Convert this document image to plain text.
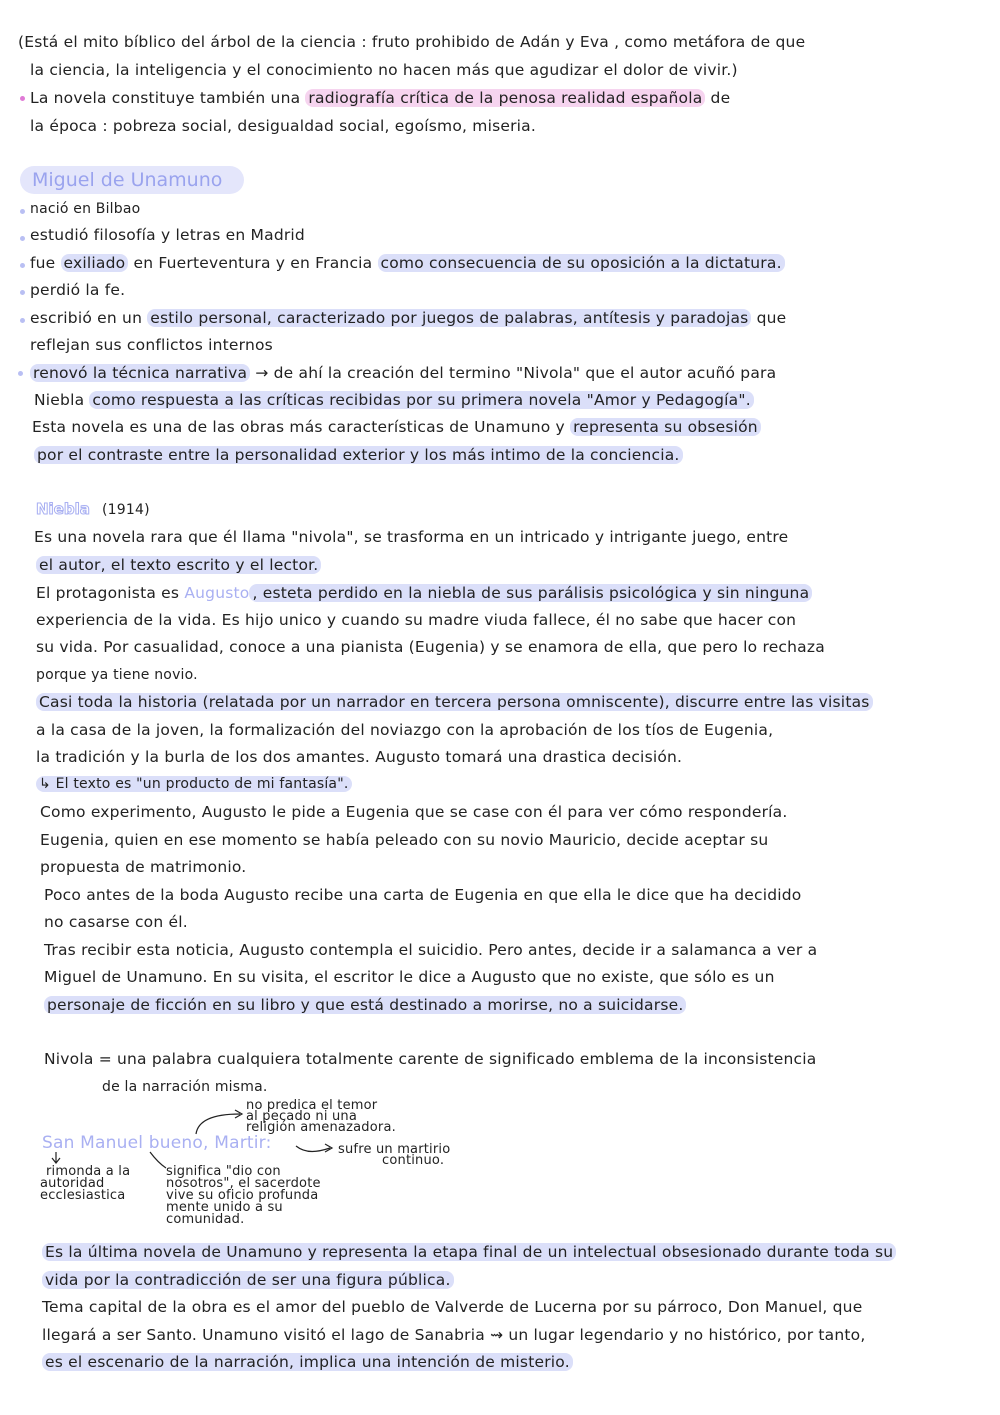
(Está el mito bíblico del árbol de la ciencia : fruto prohibido de Adán y Eva , como metáfora de que
la ciencia, la inteligencia y el conocimiento no hacen más que agudizar el dolor de vivir.)
La novela constituye también una radiografía crítica de la penosa realidad española de
la época : pobreza social, desigualdad social, egoísmo, miseria.
Miguel de Unamuno
nació en Bilbao
estudió filosofía y letras en Madrid
fue exiliado en Fuerteventura y en Francia como consecuencia de su oposición a la dictatura.
perdió la fe.
escribió en un estilo personal, caracterizado por juegos de palabras, antítesis y paradojas que
reflejan sus conflictos internos
renovó la técnica narrativa → de ahí la creación del termino "Nivola" que el autor acuñó para
Niebla como respuesta a las críticas recibidas por su primera novela "Amor y Pedagogía".
Esta novela es una de las obras más características de Unamuno y representa su obsesión
por el contraste entre la personalidad exterior y los más intimo de la conciencia.
Niebla (1914)
Es una novela rara que él llama "nivola", se trasforma en un intricado y intrigante juego, entre
el autor, el texto escrito y el lector.
El protagonista es Augusto , esteta perdido en la niebla de sus parálisis psicológica y sin ninguna
experiencia de la vida. Es hijo unico y cuando su madre viuda fallece, él no sabe que hacer con
su vida. Por casualidad, conoce a una pianista (Eugenia) y se enamora de ella, que pero lo rechaza
porque ya tiene novio.
Casi toda la historia (relatada por un narrador en tercera persona omniscente), discurre entre las visitas
a la casa de la joven, la formalización del noviazgo con la aprobación de los tíos de Eugenia,
la tradición y la burla de los dos amantes. Augusto tomará una drastica decisión.
↳ El texto es "un producto de mi fantasía".
Como experimento, Augusto le pide a Eugenia que se case con él para ver cómo respondería.
Eugenia, quien en ese momento se había peleado con su novio Mauricio, decide aceptar su
propuesta de matrimonio.
Poco antes de la boda Augusto recibe una carta de Eugenia en que ella le dice que ha decidido
no casarse con él.
Tras recibir esta noticia, Augusto contempla el suicidio. Pero antes, decide ir a salamanca a ver a
Miguel de Unamuno. En su visita, el escritor le dice a Augusto que no existe, que sólo es un
personaje de ficción en su libro y que está destinado a morirse, no a suicidarse.
Nivola = una palabra cualquiera totalmente carente de significado emblema de la inconsistencia
de la narración misma.
no predica el temor
al pecado ni una
religión amenazadora.
San Manuel bueno, Martir:	sufre un martirio
continuo.
rimonda a la
autoridad
ecclesiastica
significa "dio con
nosotros", el sacerdote
vive su oficio profunda
mente unido a su
comunidad.
Es la última novela de Unamuno y representa la etapa final de un intelectual obsesionado durante toda su
vida por la contradicción de ser una figura pública.
Tema capital de la obra es el amor del pueblo de Valverde de Lucerna por su párroco, Don Manuel, que
llegará a ser Santo. Unamuno visitó el lago de Sanabria ⇝ un lugar legendario y no histórico, por tanto,
es el escenario de la narración, implica una intención de misterio.
